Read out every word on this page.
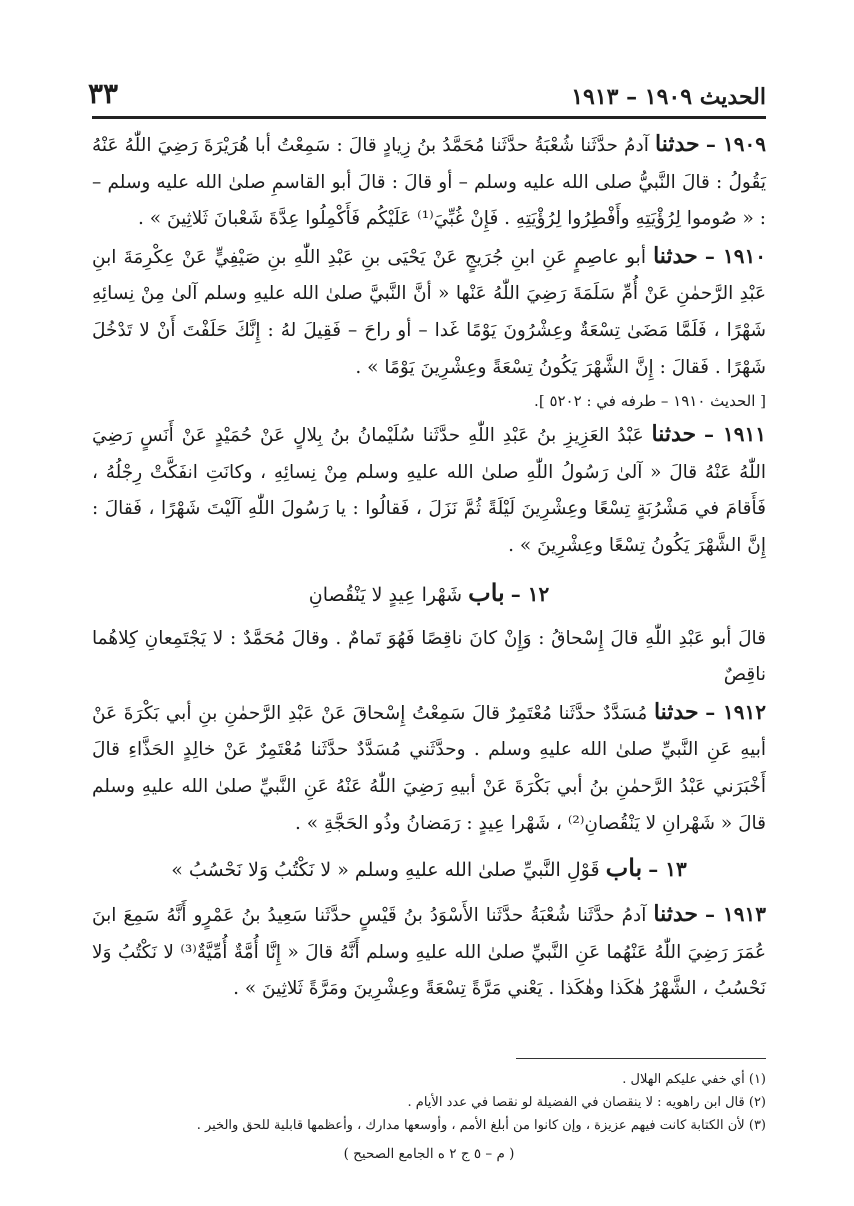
الحديث ١٩٠٩ – ١٩١٣
٣٣

١٩٠٩ – حدثنا آدمُ حدَّثَنا شُعْبَةُ حدَّثَنا مُحَمَّدُ بنُ زِيادٍ قالَ : سَمِعْتُ أبا هُرَيْرَةَ رَضِيَ اللّٰهُ عَنْهُ يَقُولُ : قالَ النَّبيُّ صلى الله عليه وسلم – أو قالَ : قالَ أبو القاسمِ صلىٰ الله عليه وسلم – : « صُوموا لِرُؤْيَتِهِ وأَفْطِرُوا لِرُؤْيَتِهِ . فَإِنْ غُبِّيَ⁽¹⁾ عَلَيْكُم فَأَكْمِلُوا عِدَّةَ شَعْبانَ ثَلاثِينَ » .

١٩١٠ – حدثنا أبو عاصِمٍ عَنِ ابنِ جُرَيجٍ عَنْ يَحْيَى بنِ عَبْدِ اللّٰهِ بنِ صَيْفِيٍّ عَنْ عِكْرِمَةَ ابنِ عَبْدِ الرَّحمٰنِ عَنْ أُمِّ سَلَمَةَ رَضِيَ اللّٰهُ عَنْها « أنَّ النَّبيَّ صلىٰ الله عليهِ وسلم آلىٰ مِنْ نِسائِهِ شَهْرًا ، فَلَمَّا مَضَىٰ تِسْعَةٌ وعِشْرُونَ يَوْمًا غَدا – أو راحَ – فَقِيلَ لهُ : إِنَّكَ حَلَفْتَ أَنْ لا تَدْخُلَ شَهْرًا . فَقالَ : إِنَّ الشَّهْرَ يَكُونُ تِسْعَةً وعِشْرِينَ يَوْمًا » .

[ الحديث ١٩١٠ – طرفه في : ٥٢٠٢ ].

١٩١١ – حدثنا عَبْدُ العَزِيزِ بنُ عَبْدِ اللّٰهِ حدَّثَنا سُلَيْمانُ بنُ بِلالٍ عَنْ حُمَيْدٍ عَنْ أَنَسٍ رَضِيَ اللّٰهُ عَنْهُ قالَ « آلىٰ رَسُولُ اللّٰهِ صلىٰ الله عليهِ وسلم مِنْ نِسائِهِ ، وكانَتِ انفَكَّتْ رِجْلُهُ ، فَأَقامَ في مَشْرُبَةٍ تِسْعًا وعِشْرِينَ لَيْلَةً ثُمَّ نَزَلَ ، فَقالُوا : يا رَسُولَ اللّٰهِ آلَيْتَ شَهْرًا ، فَقالَ : إِنَّ الشَّهْرَ يَكُونُ تِسْعًا وعِشْرِينَ » .

١٢ – باب شَهْرا عِيدٍ لا يَنْقُصانِ

قالَ أبو عَبْدِ اللّٰهِ قالَ إِسْحاقُ : وَإِنْ كانَ ناقِصًا فَهُوَ تَمامٌ . وقالَ مُحَمَّدٌ : لا يَجْتَمِعانِ كِلاهُما ناقِصٌ

١٩١٢ – حدثنا مُسَدَّدٌ حدَّثَنا مُعْتَمِرٌ قالَ سَمِعْتُ إِسْحاقَ عَنْ عَبْدِ الرَّحمٰنِ بنِ أبي بَكْرَةَ عَنْ أبيهِ عَنِ النَّبيِّ صلىٰ الله عليهِ وسلم . وحدَّثَني مُسَدَّدٌ حدَّثَنا مُعْتَمِرٌ عَنْ خالِدٍ الحَذَّاءِ قالَ أَخْبَرَني عَبْدُ الرَّحمٰنِ بنُ أبي بَكْرَةَ عَنْ أبيهِ رَضِيَ اللّٰهُ عَنْهُ عَنِ النَّبيِّ صلىٰ الله عليهِ وسلم قالَ « شَهْرانِ لا يَنْقُصانِ⁽²⁾ ، شَهْرا عِيدٍ : رَمَضانُ وذُو الحَجَّةِ » .

١٣ – باب قَوْلِ النَّبيِّ صلىٰ الله عليهِ وسلم « لا نَكْتُبُ وَلا نَحْسُبُ »

١٩١٣ – حدثنا آدمُ حدَّثَنا شُعْبَةُ حدَّثَنا الأَسْوَدُ بنُ قَيْسٍ حدَّثَنا سَعِيدُ بنُ عَمْرٍو أَنَّهُ سَمِعَ ابنَ عُمَرَ رَضِيَ اللّٰهُ عَنْهُما عَنِ النَّبيِّ صلىٰ الله عليهِ وسلم أَنَّهُ قالَ « إِنَّا أُمَّةٌ أُمِّيَّةٌ⁽³⁾ لا نَكْتُبُ وَلا نَحْسُبُ ، الشَّهْرُ هٰكَذا وهٰكَذا . يَعْني مَرَّةً تِسْعَةً وعِشْرِينَ ومَرَّةً ثَلاثِينَ » .

(١) أي خفي عليكم الهلال .

(٢) قال ابن راهويه : لا ينقصان في الفضيلة لو نقصا في عدد الأيام .

(٣) لأن الكتابة كانت فيهم عزيزة ، وإن كانوا من أبلغ الأمم ، وأوسعها مدارك ، وأعظمها قابلية للحق والخير .

( م – ٥ ج ٢ ه الجامع الصحيح )
